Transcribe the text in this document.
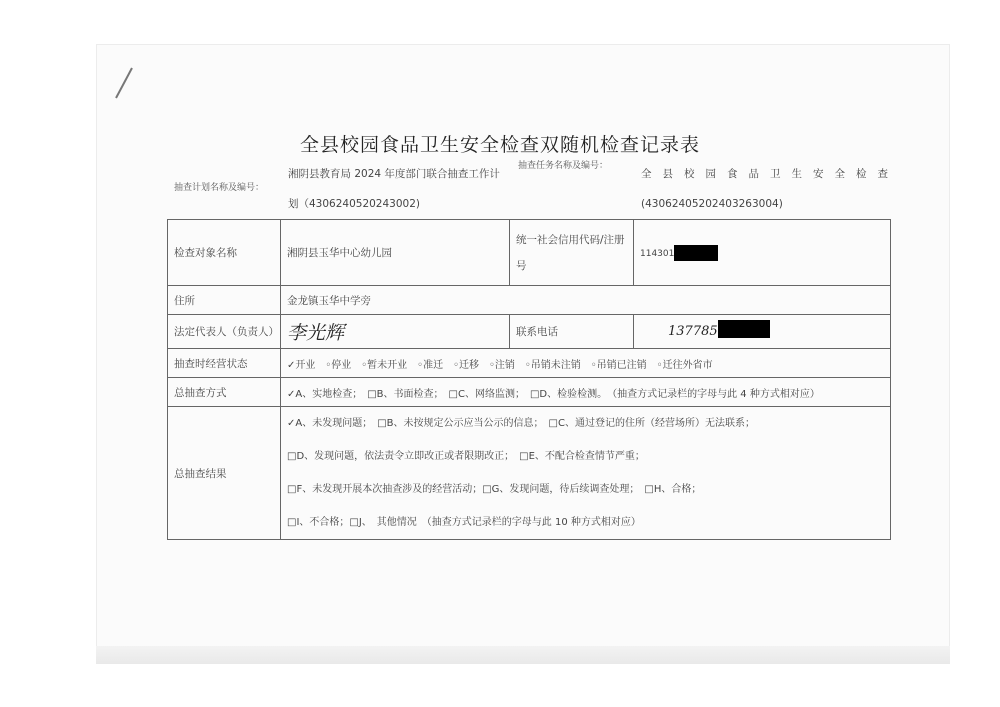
全县校园食品卫生安全检查双随机检查记录表
抽查计划名称及编号：
湘阴县教育局 2024 年度部门联合抽查工作计
划（4306240520243002)
抽查任务名称及编号：
全县校园食品卫生安全检查
(4306240520240326300​4)
检查对象名称	湘阴县玉华中心幼儿园	统一社会信用代码/注册
号	114301
住所	金龙镇玉华中学旁		
法定代表人（负责人）	李光辉	联系电话	137785
抽查时经营状态	✓开业　◦停业　◦暂未开业　◦准迁　◦迁移　◦注销　◦吊销未注销　◦吊销已注销　◦迁往外省市		
总抽查方式	✓A、实地检查；　□B、书面检查；　□C、网络监测；　□D、检验检测。　（抽查方式记录栏的字母与此 4 种方式相对应）		
总抽查结果	✓A、未发现问题；　□B、未按规定公示应当公示的信息；　□C、通过登记的住所（经营场所）无法联系；
□D、发现问题，依法责令立即改正或者限期改正；　□E、不配合检查情节严重；
□F、未发现开展本次抽查涉及的经营活动；□G、发现问题，待后续调查处理；　□H、合格；
□I、不合格；□J、　其他情况　（抽查方式记录栏的字母与此 10 种方式相对应）		
